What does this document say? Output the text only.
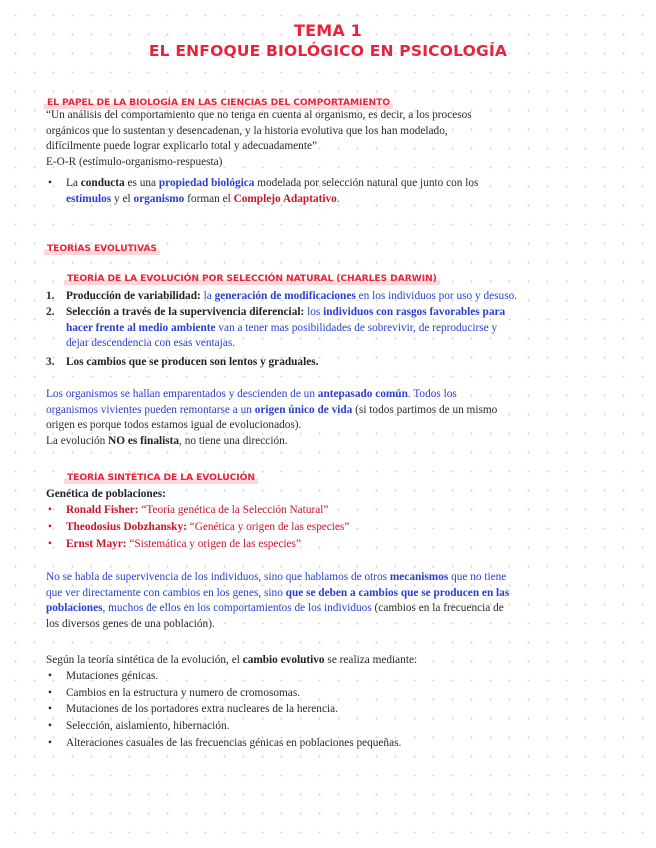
TEMA 1
EL ENFOQUE BIOLÓGICO EN PSICOLOGÍA
EL PAPEL DE LA BIOLOGÍA EN LAS CIENCIAS DEL COMPORTAMIENTO
“Un análisis del comportamiento que no tenga en cuenta al organismo, es decir, a los procesos
orgánicos que lo sustentan y desencadenan, y la historia evolutiva que los han modelado,
difícilmente puede lograr explicarlo total y adecuadamente”
E-O-R (estímulo-organismo-respuesta)
•	La conducta es una propiedad biológica modelada por selección natural que junto con los
estímulos y el organismo forman el Complejo Adaptativo.
TEORÍAS EVOLUTIVAS
TEORÍA DE LA EVOLUCIÓN POR SELECCIÓN NATURAL (CHARLES DARWIN)
1.	Producción de variabilidad: la generación de modificaciones en los individuos por uso y desuso.
2.	Selección a través de la supervivencia diferencial: los individuos con rasgos favorables para
hacer frente al medio ambiente van a tener mas posibilidades de sobrevivir, de reproducirse y
dejar descendencia con esas ventajas.
3.	Los cambios que se producen son lentos y graduales.
Los organismos se hallan emparentados y descienden de un antepasado común. Todos los
organismos vivientes pueden remontarse a un origen único de vida (si todos partimos de un mismo
origen es porque todos estamos igual de evolucionados).
La evolución NO es finalista, no tiene una dirección.
TEORÍA SINTÉTICA DE LA EVOLUCIÓN
Genética de poblaciones:
•	Ronald Fisher: “Teoría genética de la Selección Natural”
•	Theodosius Dobzhansky: “Genética y origen de las especies”
•	Ernst Mayr: “Sistemática y origen de las especies”
No se habla de supervivencia de los individuos, sino que hablamos de otros mecanismos que no tiene
que ver directamente con cambios en los genes, sino que se deben a cambios que se producen en las
poblaciones, muchos de ellos en los comportamientos de los individuos (cambios en la frecuencia de
los diversos genes de una población).
Según la teoría sintética de la evolución, el cambio evolutivo se realiza mediante:
•	Mutaciones génicas.
•	Cambios en la estructura y numero de cromosomas.
•	Mutaciones de los portadores extra nucleares de la herencia.
•	Selección, aislamiento, hibernación.
•	Alteraciones casuales de las frecuencias génicas en poblaciones pequeñas.
